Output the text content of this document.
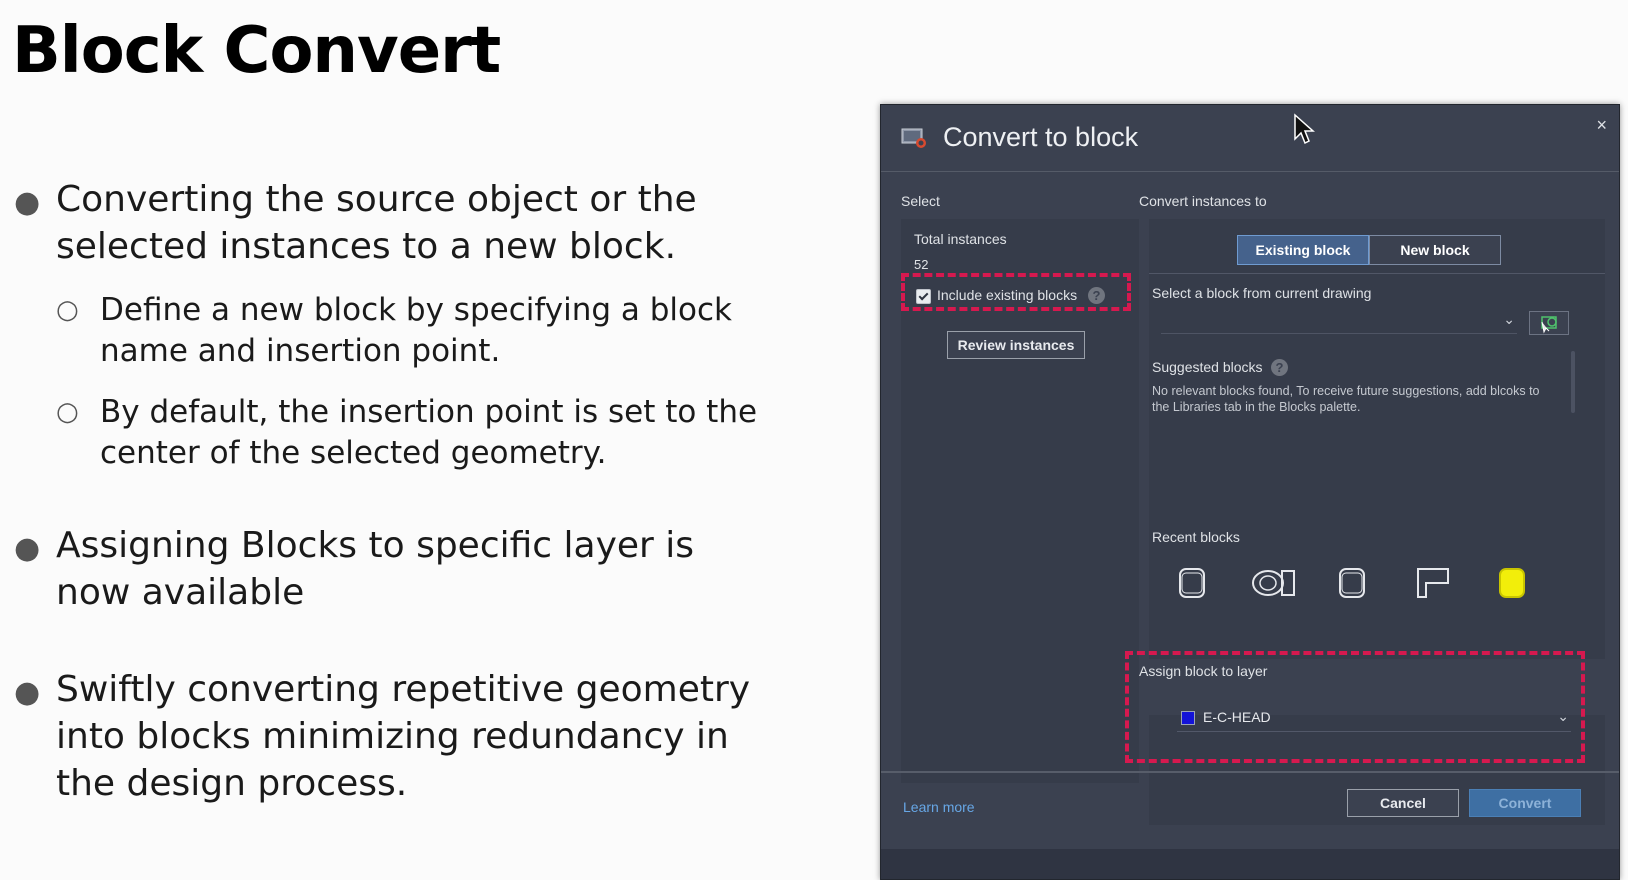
Block Convert
● Converting the source object or the
selected instances to a new block.
○ Define a new block by specifying a block
name and insertion point.
○ By default, the insertion point is set to the
center of the selected geometry.
● Assigning Blocks to specific layer is
now available
● Swiftly converting repetitive geometry
into blocks minimizing redundancy in
the design process.
Convert to block	×
Select
Total instances
52
Include existing blocks	?
Review instances
Convert instances to
Existing block	New block
Select a block from current drawing
⌄
Suggested blocks ?
No relevant blocks found, To receive future suggestions, add blcoks to the Libraries tab in the Blocks palette.
Recent blocks
Assign block to layer
E-C-HEAD	⌄
Learn more	Cancel	Convert
